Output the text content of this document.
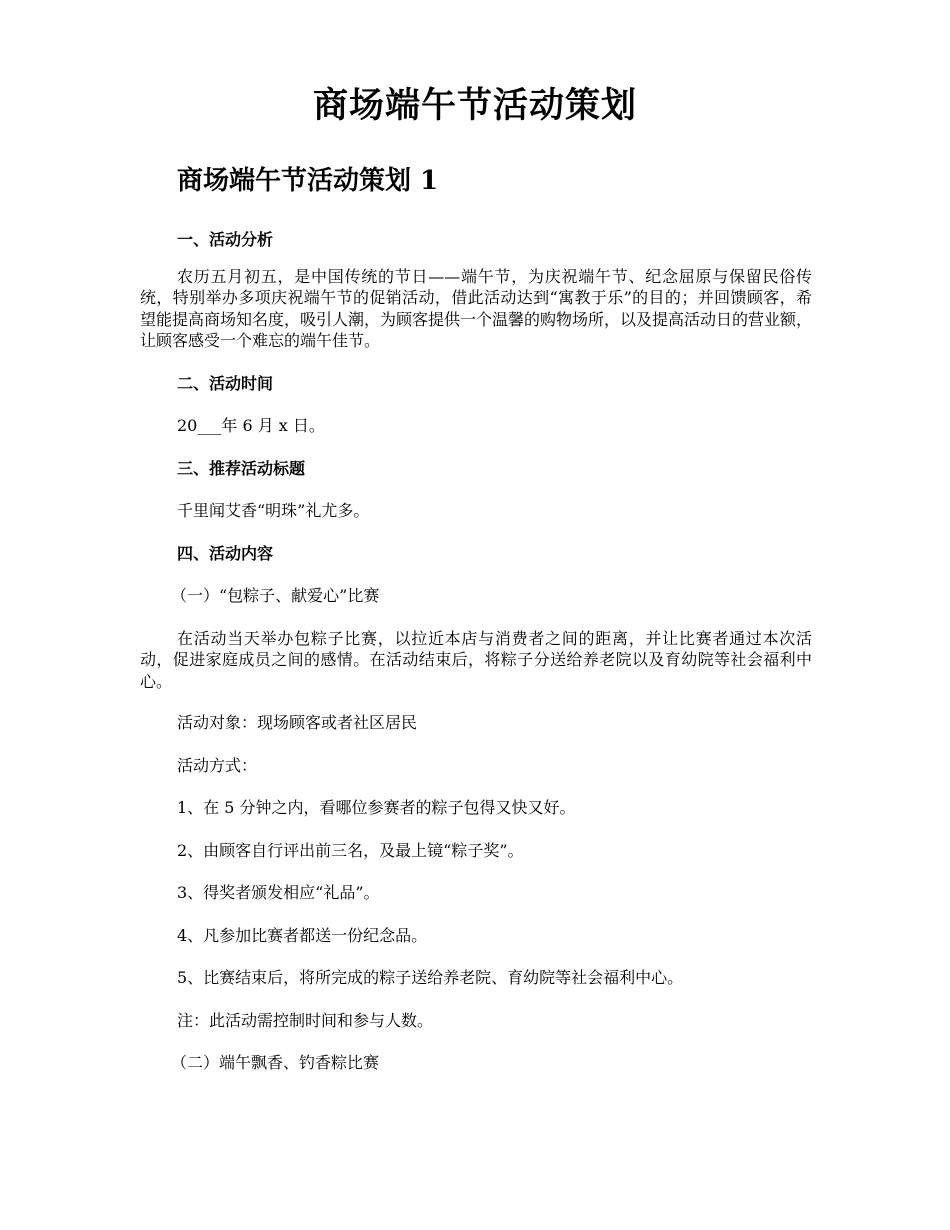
商场端午节活动策划
商场端午节活动策划 1

一、活动分析

农历五月初五，是中国传统的节日——端午节，为庆祝端午节、纪念屈原与保留民俗传统，特别举办多项庆祝端午节的促销活动，借此活动达到“寓教于乐”的目的；并回馈顾客，希望能提高商场知名度，吸引人潮，为顾客提供一个温馨的购物场所，以及提高活动日的营业额，让顾客感受一个难忘的端午佳节。

二、活动时间

20___年 6 月 x 日。

三、推荐活动标题

千里闻艾香“明珠”礼尤多。

四、活动内容

（一）“包粽子、献爱心”比赛

在活动当天举办包粽子比赛，以拉近本店与消费者之间的距离，并让比赛者通过本次活动，促进家庭成员之间的感情。在活动结束后，将粽子分送给养老院以及育幼院等社会福利中心。

活动对象：现场顾客或者社区居民

活动方式：

1、在 5 分钟之内，看哪位参赛者的粽子包得又快又好。

2、由顾客自行评出前三名，及最上镜“粽子奖”。

3、得奖者颁发相应“礼品”。

4、凡参加比赛者都送一份纪念品。

5、比赛结束后，将所完成的粽子送给养老院、育幼院等社会福利中心。

注：此活动需控制时间和参与人数。

（二）端午飘香、钓香粽比赛
